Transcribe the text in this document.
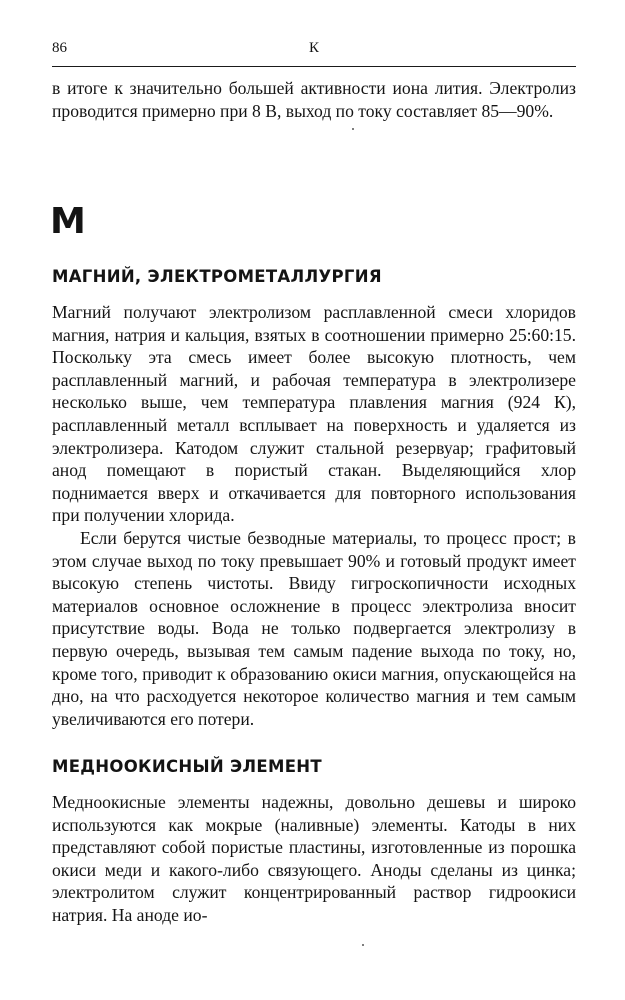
86	К

в итоге к значительно большей активности иона лития. Электролиз проводится примерно при 8 В, выход по току составляет 85—90%.

М
МАГНИЙ, ЭЛЕКТРОМЕТАЛЛУРГИЯ

Магний получают электролизом расплавленной смеси хлоридов магния, натрия и кальция, взятых в соотношении примерно 25:60:15. Поскольку эта смесь имеет более высокую плотность, чем расплавленный магний, и рабочая температура в электролизере несколько выше, чем температура плавления магния (924 К), расплавленный металл всплывает на поверхность и удаляется из электролизера. Катодом служит стальной резервуар; графитовый анод помещают в пористый стакан. Выделяющийся хлор поднимается вверх и откачивается для повторного использования при получении хлорида.

Если берутся чистые безводные материалы, то процесс прост; в этом случае выход по току превышает 90% и готовый продукт имеет высокую степень чистоты. Ввиду гигроскопичности исходных материалов основное осложнение в процесс электролиза вносит присутствие воды. Вода не только подвергается электролизу в первую очередь, вызывая тем самым падение выхода по току, но, кроме того, приводит к образованию окиси магния, опускающейся на дно, на что расходуется некоторое количество магния и тем самым увеличиваются его потери.

МЕДНООКИСНЫЙ ЭЛЕМЕНТ

Медноокисные элементы надежны, довольно дешевы и широко используются как мокрые (наливные) элементы. Катоды в них представляют собой пористые пластины, изготовленные из порошка окиси меди и какого-либо связующего. Аноды сделаны из цинка; электролитом служит концентрированный раствор гидроокиси натрия. На аноде ио-
